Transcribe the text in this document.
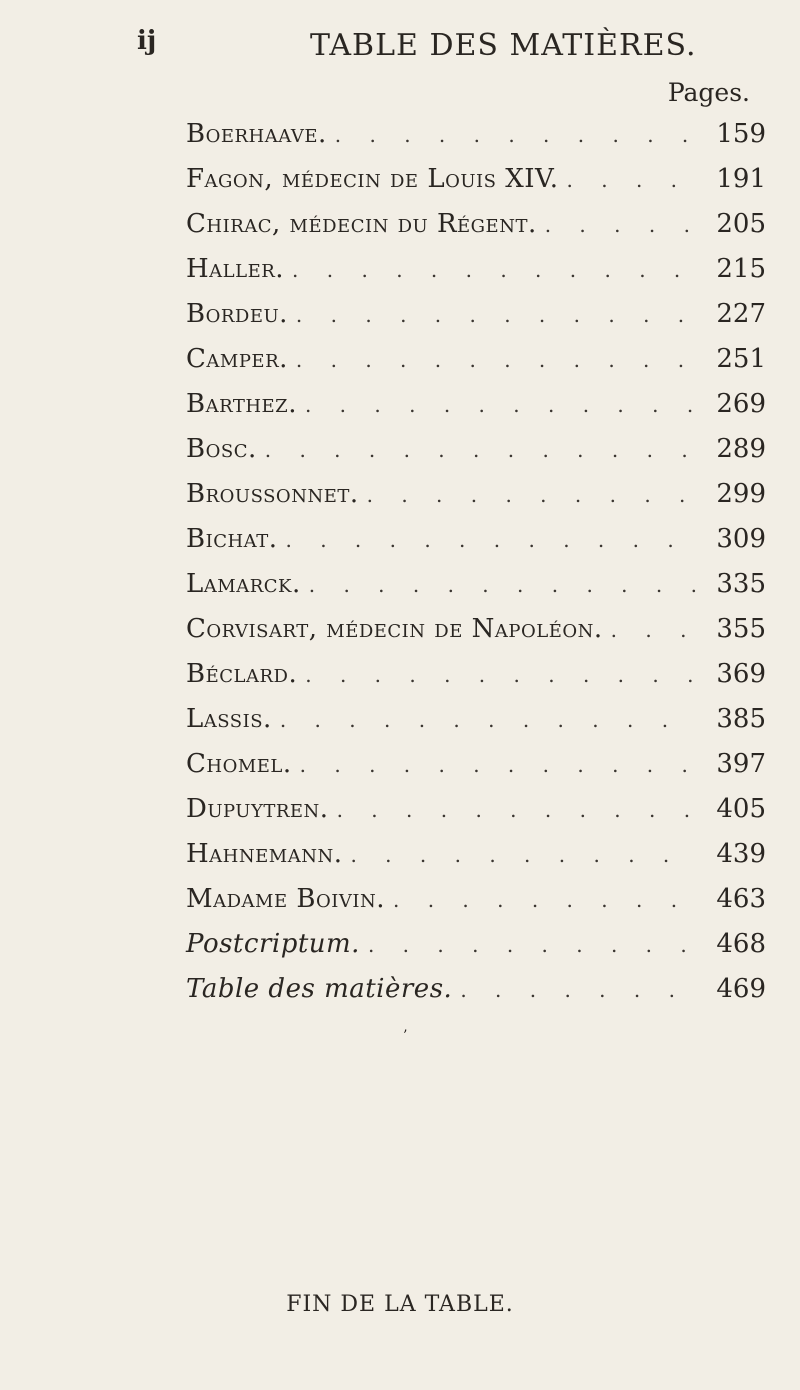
ij	TABLE DES MATIÈRES.
Pages.
Boerhaave. . . .	159
Fagon, médecin de Louis XIV. . . .	191
Chirac, médecin du Régent. . . .	205
Haller. . . .	215
Bordeu. . . .	227
Camper. . . .	251
Barthez. . . .	269
Bosc. . . .	289
Broussonnet. . . .	299
Bichat. . . .	309
Lamarck. . . .	335
Corvisart, médecin de Napoléon. . . .	355
Béclard. . . .	369
Lassis. . . .	385
Chomel. . . .	397
Dupuytren. . . .	405
Hahnemann. . . .	439
Madame Boivin. . . .	463
Postcriptum. . . .	468
Table des matières. . . .	469
’
FIN DE LA TABLE.
